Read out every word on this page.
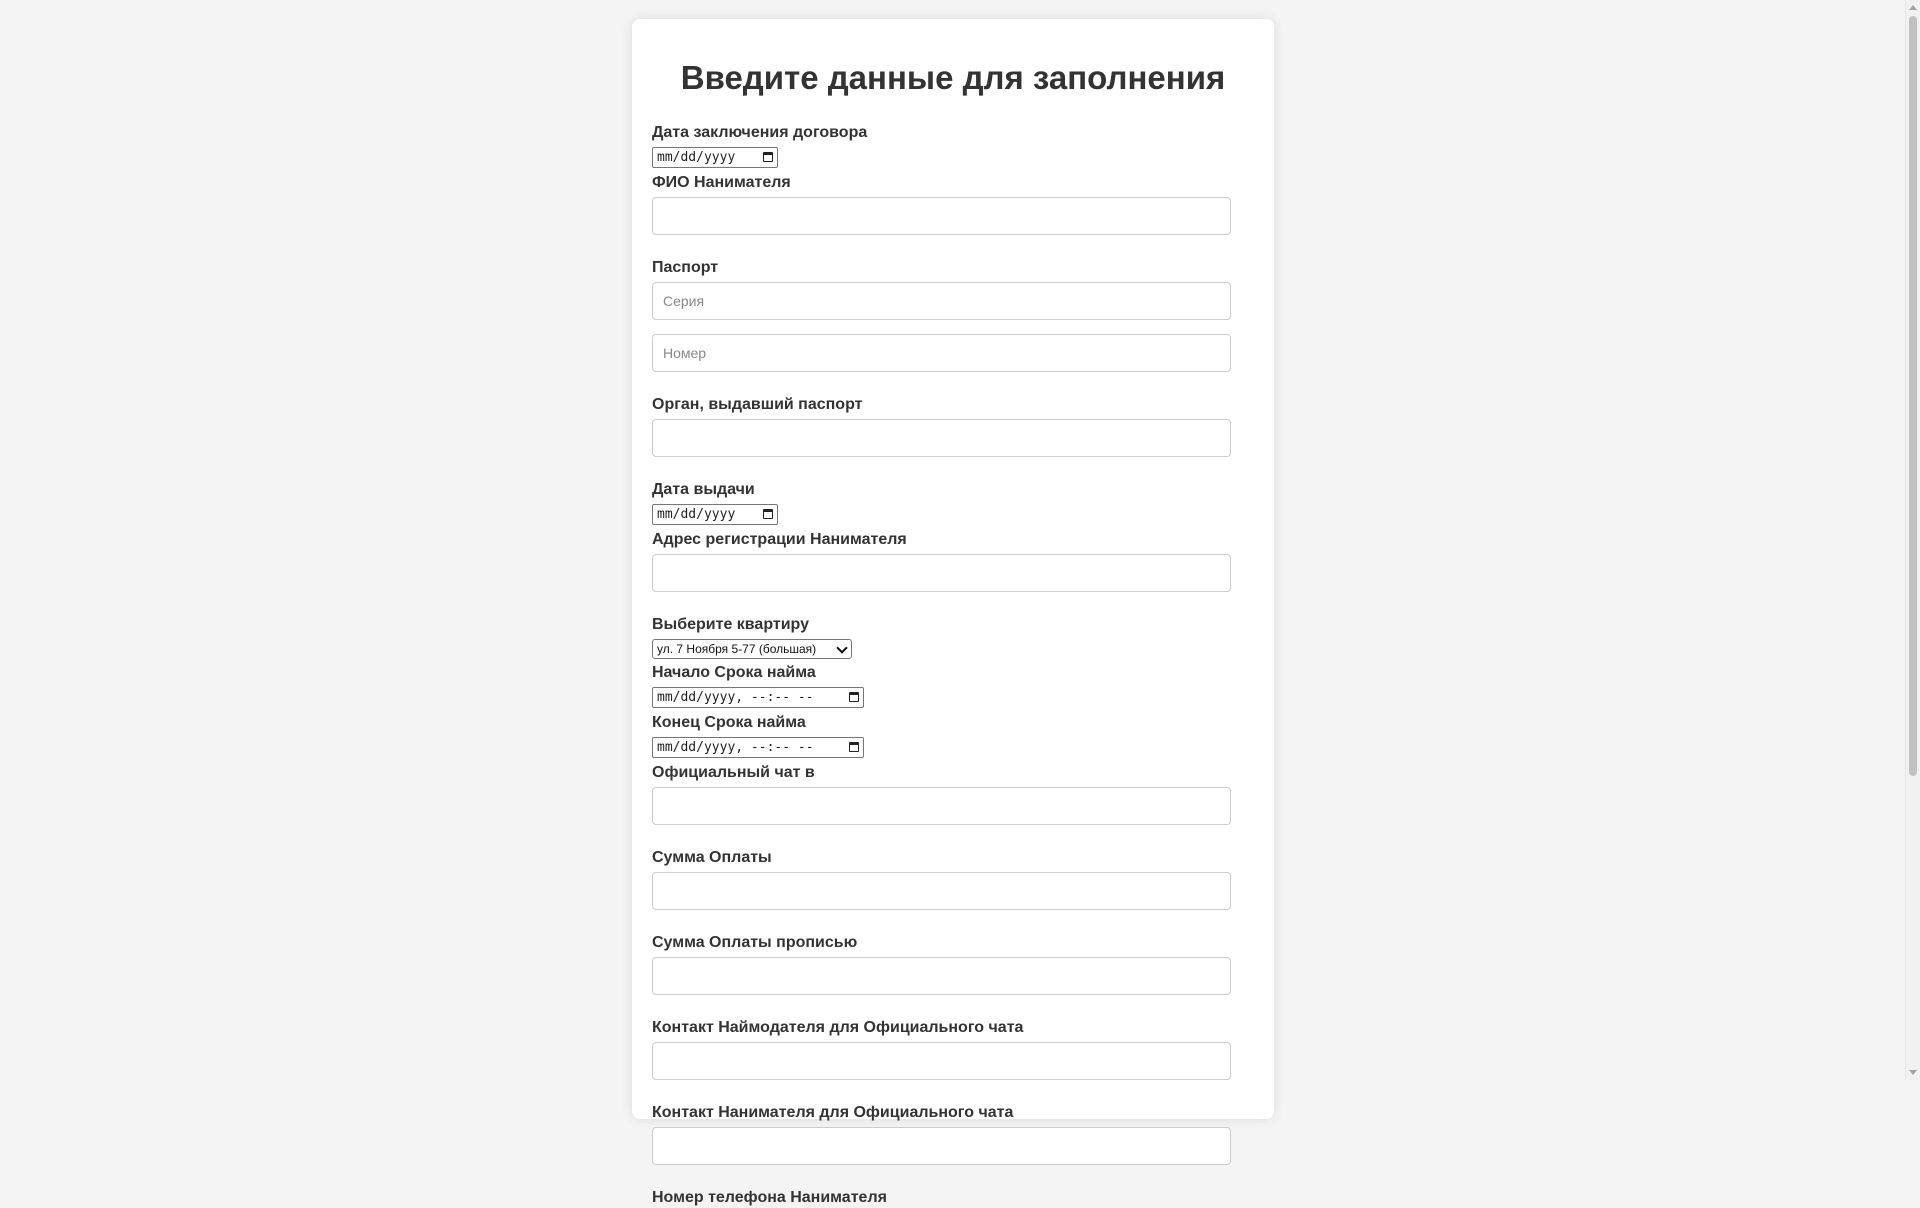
Введите данные для заполнения
Дата заключения договора
mm/dd/yyyy
ФИО Нанимателя
Паспорт
Серия
Номер
Орган, выдавший паспорт
Дата выдачи
mm/dd/yyyy
Адрес регистрации Нанимателя
Выберите квартиру
ул. 7 Ноября 5-77 (большая)
Начало Срока найма
mm/dd/yyyy, --:-- --
Конец Срока найма
mm/dd/yyyy, --:-- --
Официальный чат в
Сумма Оплаты
Сумма Оплаты прописью
Контакт Наймодателя для Официального чата
Контакт Нанимателя для Официального чата
Номер телефона Нанимателя
